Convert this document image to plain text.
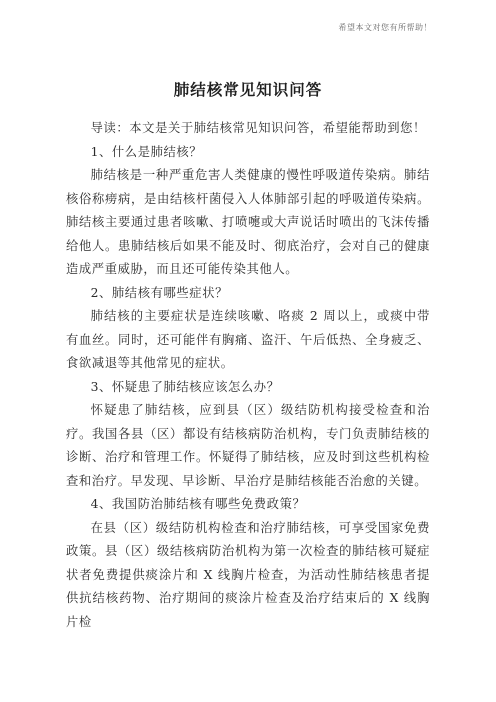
希望本文对您有所帮助！
肺结核常见知识问答

导读：本文是关于肺结核常见知识问答，希望能帮助到您！

1、什么是肺结核？

肺结核是一种严重危害人类健康的慢性呼吸道传染病。肺结核俗称痨病，是由结核杆菌侵入人体肺部引起的呼吸道传染病。肺结核主要通过患者咳嗽、打喷嚏或大声说话时喷出的飞沫传播给他人。患肺结核后如果不能及时、彻底治疗，会对自己的健康造成严重威胁，而且还可能传染其他人。

2、肺结核有哪些症状？

肺结核的主要症状是连续咳嗽、咯痰 2 周以上，或痰中带有血丝。同时，还可能伴有胸痛、盗汗、午后低热、全身疲乏、食欲减退等其他常见的症状。

3、怀疑患了肺结核应该怎么办？

怀疑患了肺结核，应到县（区）级结防机构接受检查和治疗。我国各县（区）都设有结核病防治机构，专门负责肺结核的诊断、治疗和管理工作。怀疑得了肺结核，应及时到这些机构检查和治疗。早发现、早诊断、早治疗是肺结核能否治愈的关键。

4、我国防治肺结核有哪些免费政策？

在县（区）级结防机构检查和治疗肺结核，可享受国家免费政策。县（区）级结核病防治机构为第一次检查的肺结核可疑症状者免费提供痰涂片和 X 线胸片检查，为活动性肺结核患者提供抗结核药物、治疗期间的痰涂片检查及治疗结束后的 X 线胸片检
